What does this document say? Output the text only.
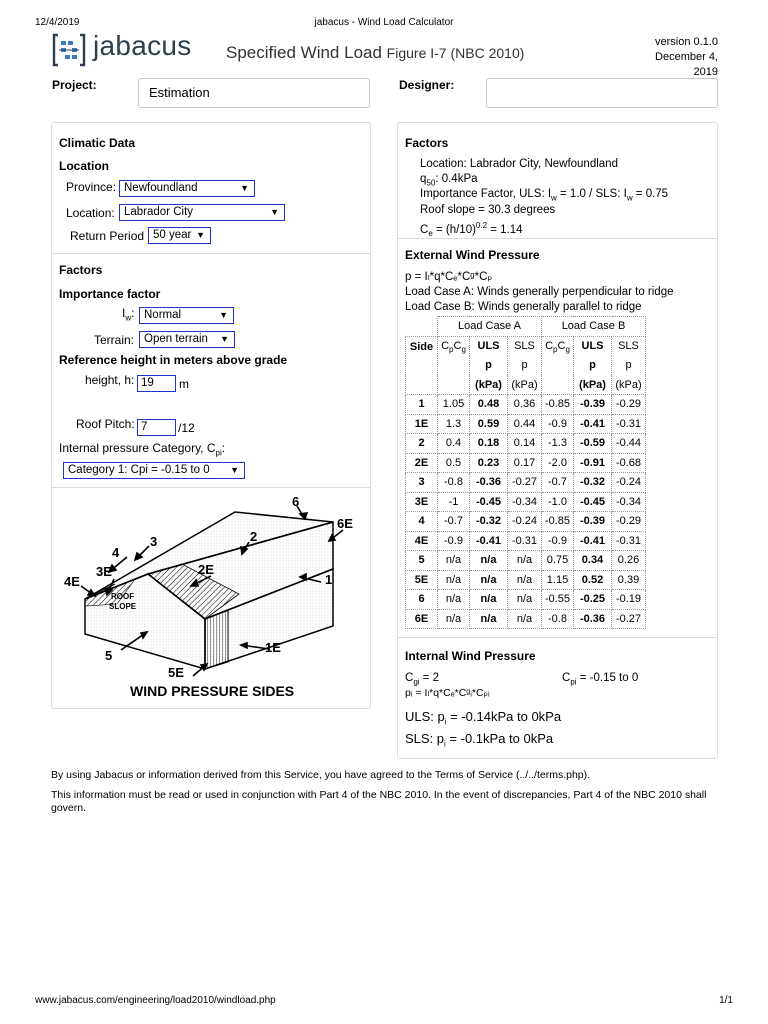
12/4/2019	jabacus - Wind Load Calculator
jabacus Specified Wind Load Figure I-7 (NBC 2010)
version 0.1.0
December 4,
2019
Project:	Estimation	Designer:
Climatic Data
Location
Province: Newfoundland	▼
Location: Labrador City	▼
Return Period 50 year ▼
Factors
Importance factor
$I_w$: Normal	▼
Terrain: Open terrain ▼
Reference height in meters above grade
height, h: 19	m
Roof Pitch: 7	/12
Internal pressure Category, $C_{pi}$:
Category 1: Cpi = -0.15 to 0 ▼
6
6E
2
3
4
3E
4E
2E
1
5
5E
1E
ROOF
SLOPE
WIND PRESSURE SIDES
Factors
Location: Labrador City, Newfoundland
$q_{50}$: 0.4kPa
Importance Factor, ULS: $I_w = 1.0$ / SLS: $I_w = 0.75$
Roof slope = 30.3 degrees
$C_e = (h/10)^{0.2} = 1.14$
External Wind Pressure
p = Iₗ*q*Cₑ*Cᵍ*Cₚ
Load Case A: Winds generally perpendicular to ridge
Load Case B: Winds generally parallel to ridge
	Load Case A			Load Case B		
Side	$C_pC_g$	ULS	SLS	$C_pC_g$	ULS	SLS
		p	p		p	p
		(kPa)	(kPa)		(kPa)	(kPa)
1	1.05	0.48	0.36	-0.85	-0.39	-0.29
1E	1.3	0.59	0.44	-0.9	-0.41	-0.31
2	0.4	0.18	0.14	-1.3	-0.59	-0.44
2E	0.5	0.23	0.17	-2.0	-0.91	-0.68
3	-0.8	-0.36	-0.27	-0.7	-0.32	-0.24
3E	-1	-0.45	-0.34	-1.0	-0.45	-0.34
4	-0.7	-0.32	-0.24	-0.85	-0.39	-0.29
4E	-0.9	-0.41	-0.31	-0.9	-0.41	-0.31
5	n/a	n/a	n/a	0.75	0.34	0.26
5E	n/a	n/a	n/a	1.15	0.52	0.39
6	n/a	n/a	n/a	-0.55	-0.25	-0.19
6E	n/a	n/a	n/a	-0.8	-0.36	-0.27
Internal Wind Pressure
$C_{gi} = 2$	$C_{pi} = -0.15$ to 0
pᵢ = Iₗ*q*Cₑ*Cᵍᵢ*Cₚᵢ
ULS: $p_i = -0.14kPa$ to 0kPa
SLS: $p_i = -0.1kPa$ to 0kPa
By using Jabacus or information derived from this Service, you have agreed to the Terms of Service (../../terms.php).
This information must be read or used in conjunction with Part 4 of the NBC 2010. In the event of discrepancies, Part 4 of the NBC 2010 shall govern.
www.jabacus.com/engineering/load2010/windload.php	1/1
